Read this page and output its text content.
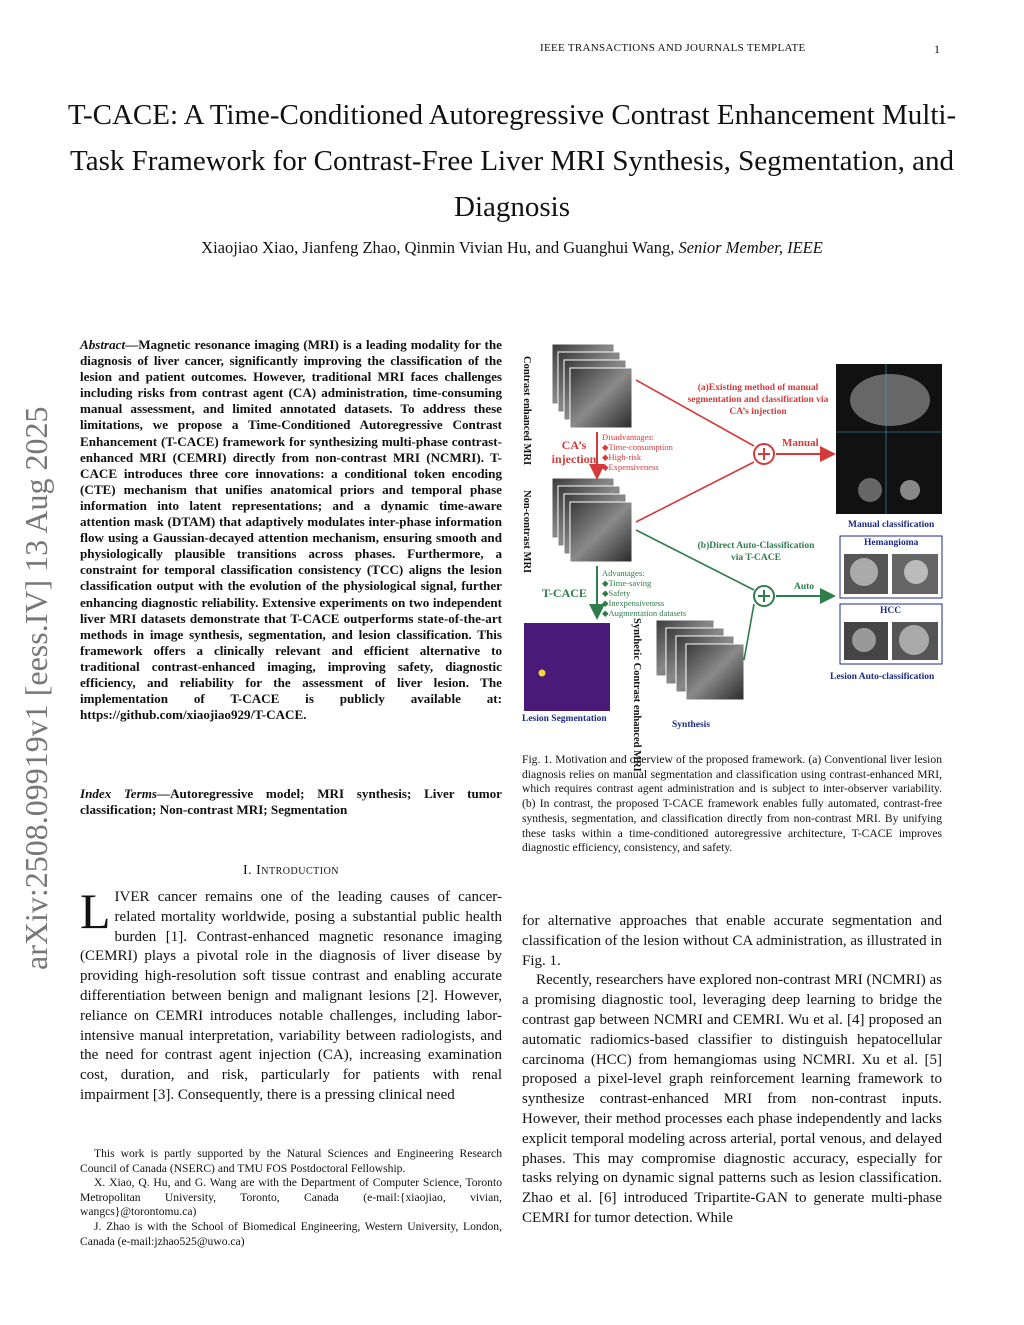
IEEE TRANSACTIONS AND JOURNALS TEMPLATE	1
T-CACE: A Time-Conditioned Autoregressive Contrast Enhancement Multi-Task Framework for Contrast-Free Liver MRI Synthesis, Segmentation, and Diagnosis
Xiaojiao Xiao, Jianfeng Zhao, Qinmin Vivian Hu, and Guanghui Wang, Senior Member, IEEE
arXiv:2508.09919v1 [eess.IV] 13 Aug 2025
Abstract—Magnetic resonance imaging (MRI) is a leading modality for the diagnosis of liver cancer, significantly improving the classification of the lesion and patient outcomes. However, traditional MRI faces challenges including risks from contrast agent (CA) administration, time-consuming manual assessment, and limited annotated datasets. To address these limitations, we propose a Time-Conditioned Autoregressive Contrast Enhancement (T-CACE) framework for synthesizing multi-phase contrast-enhanced MRI (CEMRI) directly from non-contrast MRI (NCMRI). T-CACE introduces three core innovations: a conditional token encoding (CTE) mechanism that unifies anatomical priors and temporal phase information into latent representations; and a dynamic time-aware attention mask (DTAM) that adaptively modulates inter-phase information flow using a Gaussian-decayed attention mechanism, ensuring smooth and physiologically plausible transitions across phases. Furthermore, a constraint for temporal classification consistency (TCC) aligns the lesion classification output with the evolution of the physiological signal, further enhancing diagnostic reliability. Extensive experiments on two independent liver MRI datasets demonstrate that T-CACE outperforms state-of-the-art methods in image synthesis, segmentation, and lesion classification. This framework offers a clinically relevant and efficient alternative to traditional contrast-enhanced imaging, improving safety, diagnostic efficiency, and reliability for the assessment of liver lesion. The implementation of T-CACE is publicly available at: https://github.com/xiaojiao929/T-CACE.
Index Terms—Autoregressive model; MRI synthesis; Liver tumor classification; Non-contrast MRI; Segmentation
I. Introduction
LIVER cancer remains one of the leading causes of cancer-related mortality worldwide, posing a substantial public health burden [1]. Contrast-enhanced magnetic resonance imaging (CEMRI) plays a pivotal role in the diagnosis of liver disease by providing high-resolution soft tissue contrast and enabling accurate differentiation between benign and malignant lesions [2]. However, reliance on CEMRI introduces notable challenges, including labor-intensive manual interpretation, variability between radiologists, and the need for contrast agent injection (CA), increasing examination cost, duration, and risk, particularly for patients with renal impairment [3]. Consequently, there is a pressing clinical need

This work is partly supported by the Natural Sciences and Engineering Research Council of Canada (NSERC) and TMU FOS Postdoctoral Fellowship.

X. Xiao, Q. Hu, and G. Wang are with the Department of Computer Science, Toronto Metropolitan University, Toronto, Canada (e-mail:{xiaojiao, vivian, wangcs}@torontomu.ca)

J. Zhao is with the School of Biomedical Engineering, Western University, London, Canada (e-mail:jzhao525@uwo.ca)

Contrast enhanced MRI	CA’s injection
Non-contrast MRI
T-CACE
Synthetic Contrast enhanced MRI
Lesion Segmentation
Synthesis
Disadvantages:
◆Time-consumption
◆High-risk
◆Expensiveness
Advantages:
◆Time-saving
◆Safety
◆Inexpensiveness
◆Augmentation datasets
(a)Existing method of manual segmentation and classification via CA’s injection
Manual
(b)Direct Auto-Classification via T-CACE
Auto
Manual classification
Hemangioma
HCC
Lesion Auto-classification
Fig. 1. Motivation and overview of the proposed framework. (a) Conventional liver lesion diagnosis relies on manual segmentation and classification using contrast-enhanced MRI, which requires contrast agent administration and is subject to inter-observer variability. (b) In contrast, the proposed T-CACE framework enables fully automated, contrast-free synthesis, segmentation, and classification directly from non-contrast MRI. By unifying these tasks within a time-conditioned autoregressive architecture, T-CACE improves diagnostic efficiency, consistency, and safety.

for alternative approaches that enable accurate segmentation and classification of the lesion without CA administration, as illustrated in Fig. 1.

Recently, researchers have explored non-contrast MRI (NCMRI) as a promising diagnostic tool, leveraging deep learning to bridge the contrast gap between NCMRI and CEMRI. Wu et al. [4] proposed an automatic radiomics-based classifier to distinguish hepatocellular carcinoma (HCC) from hemangiomas using NCMRI. Xu et al. [5] proposed a pixel-level graph reinforcement learning framework to synthesize contrast-enhanced MRI from non-contrast inputs. However, their method processes each phase independently and lacks explicit temporal modeling across arterial, portal venous, and delayed phases. This may compromise diagnostic accuracy, especially for tasks relying on dynamic signal patterns such as lesion classification. Zhao et al. [6] introduced Tripartite-GAN to generate multi-phase CEMRI for tumor detection. While
